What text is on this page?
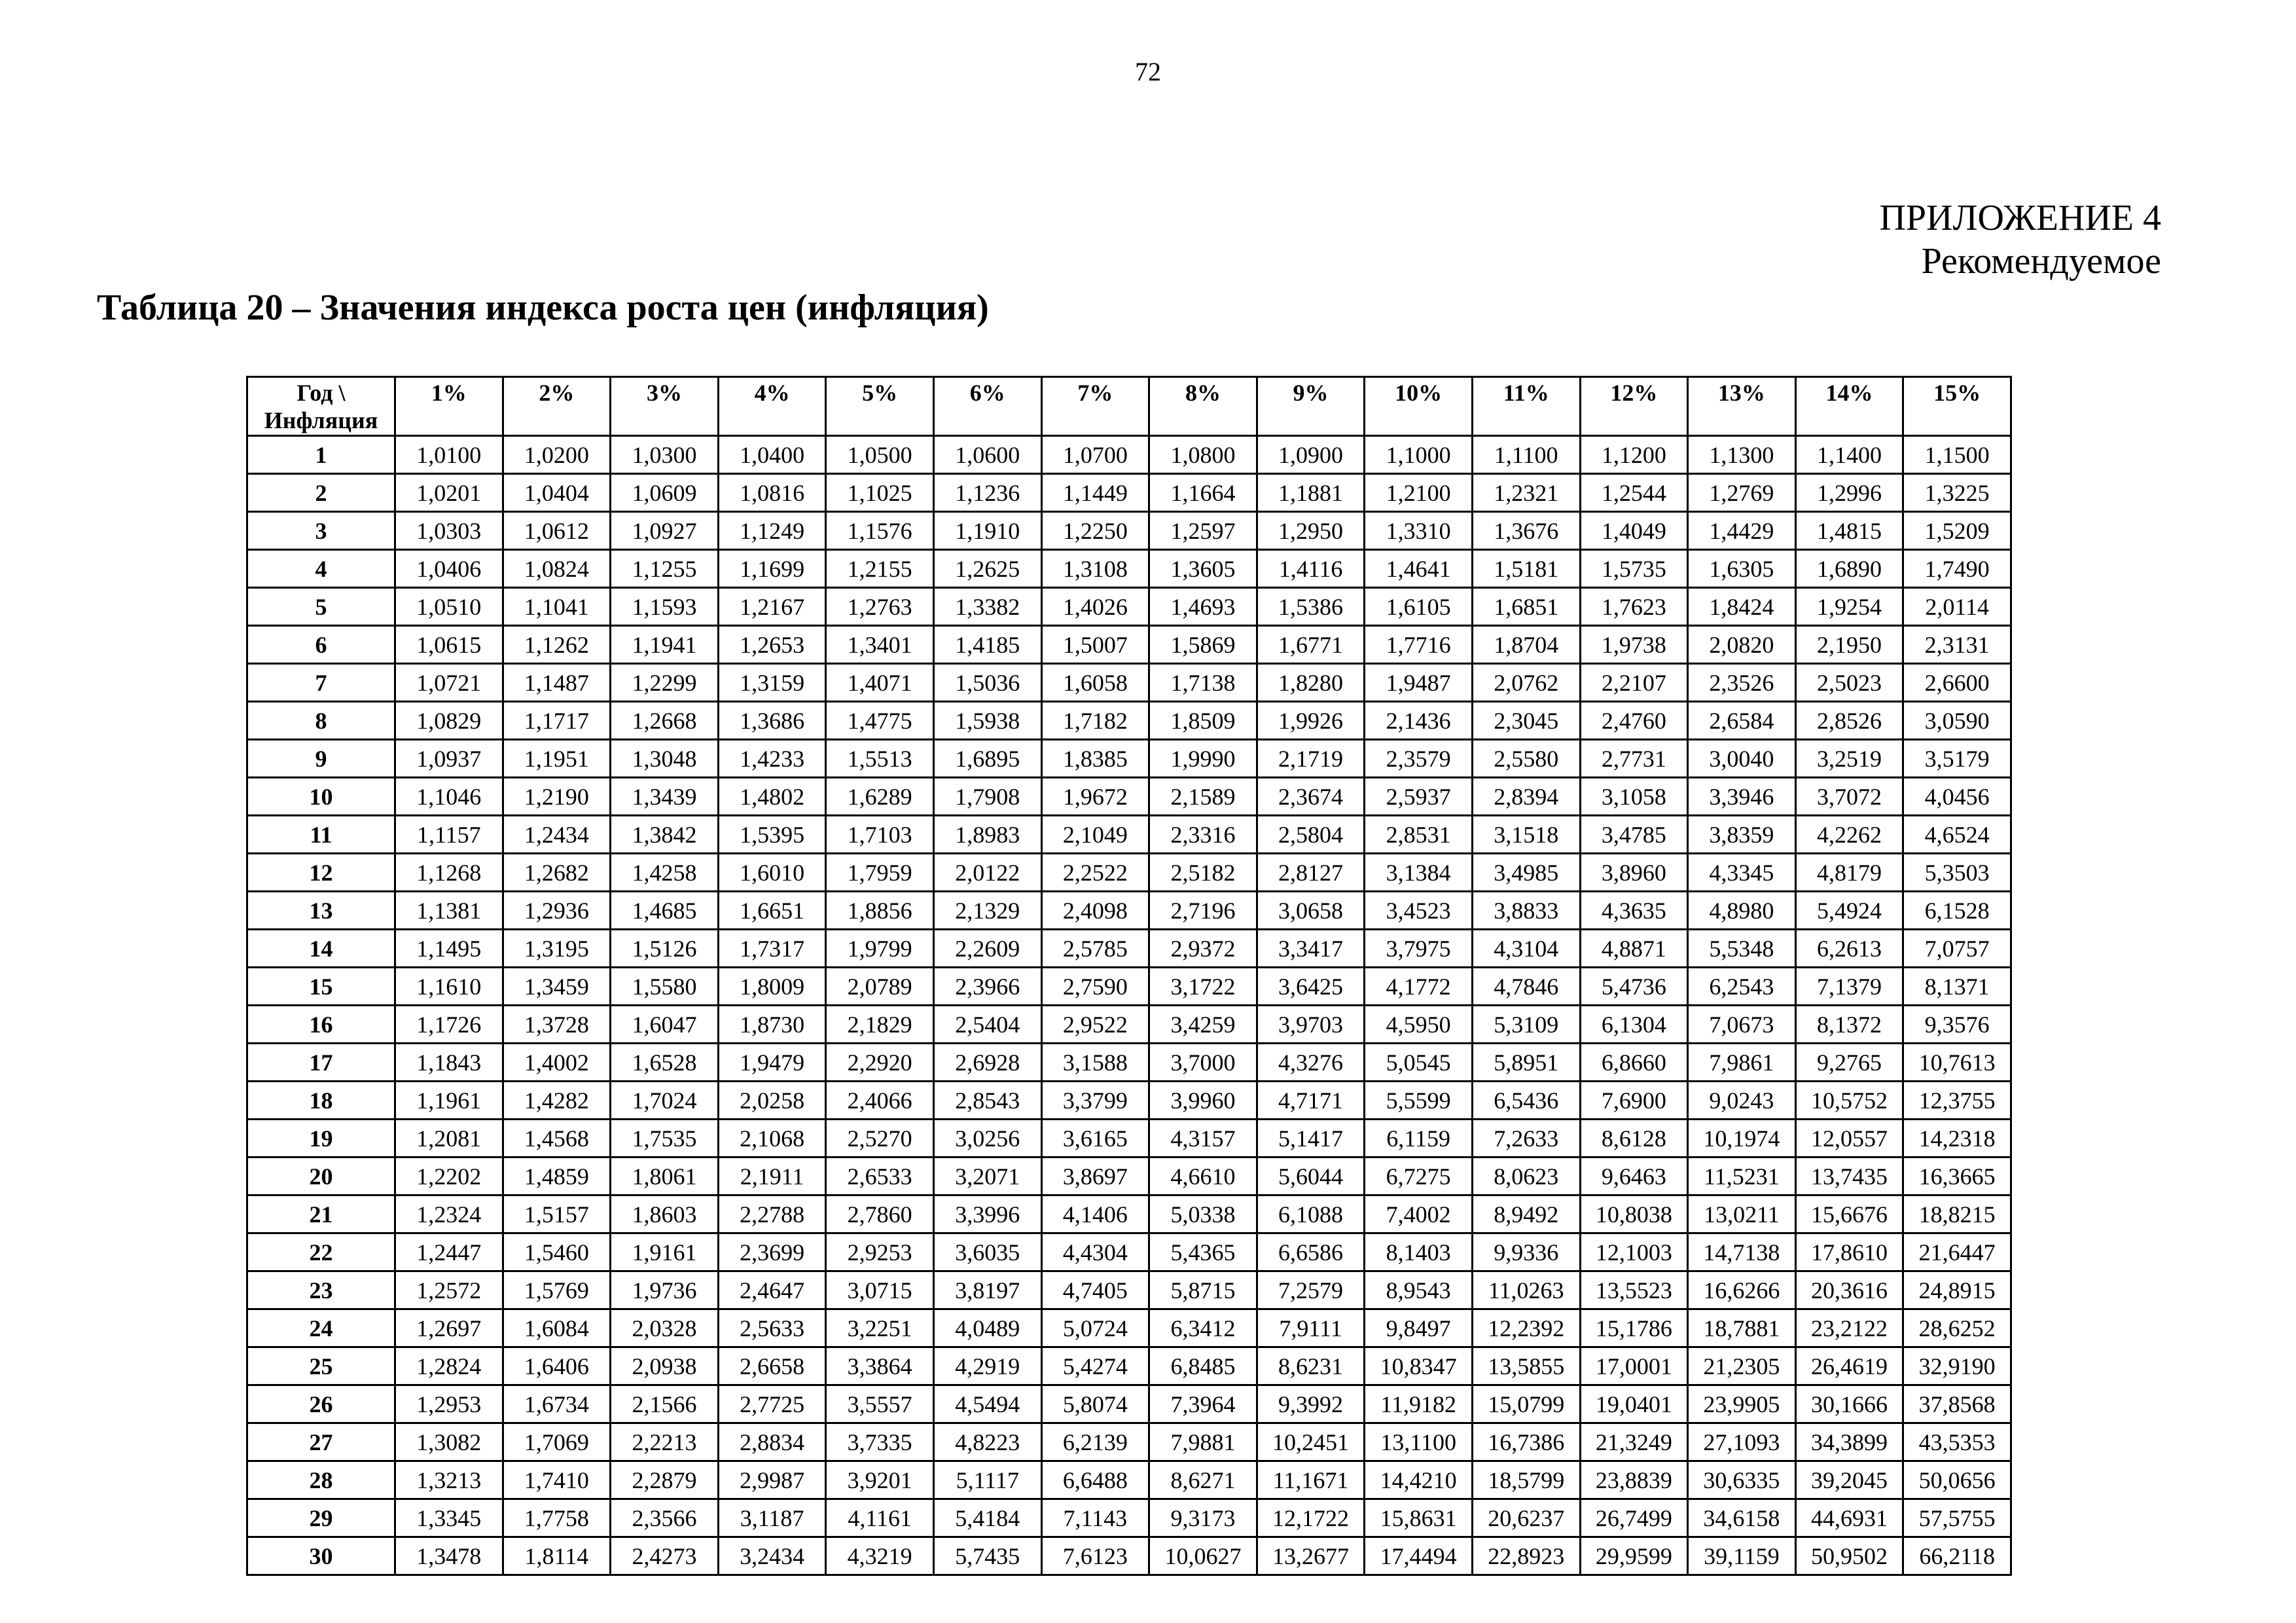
72
ПРИЛОЖЕНИЕ 4
Рекомендуемое
Таблица 20 – Значения индекса роста цен (инфляция)
Год \
Инфляция	1%	2%	3%	4%	5%	6%	7%	8%	9%	10%	11%	12%	13%	14%	15%
1	1,0100	1,0200	1,0300	1,0400	1,0500	1,0600	1,0700	1,0800	1,0900	1,1000	1,1100	1,1200	1,1300	1,1400	1,1500
2	1,0201	1,0404	1,0609	1,0816	1,1025	1,1236	1,1449	1,1664	1,1881	1,2100	1,2321	1,2544	1,2769	1,2996	1,3225
3	1,0303	1,0612	1,0927	1,1249	1,1576	1,1910	1,2250	1,2597	1,2950	1,3310	1,3676	1,4049	1,4429	1,4815	1,5209
4	1,0406	1,0824	1,1255	1,1699	1,2155	1,2625	1,3108	1,3605	1,4116	1,4641	1,5181	1,5735	1,6305	1,6890	1,7490
5	1,0510	1,1041	1,1593	1,2167	1,2763	1,3382	1,4026	1,4693	1,5386	1,6105	1,6851	1,7623	1,8424	1,9254	2,0114
6	1,0615	1,1262	1,1941	1,2653	1,3401	1,4185	1,5007	1,5869	1,6771	1,7716	1,8704	1,9738	2,0820	2,1950	2,3131
7	1,0721	1,1487	1,2299	1,3159	1,4071	1,5036	1,6058	1,7138	1,8280	1,9487	2,0762	2,2107	2,3526	2,5023	2,6600
8	1,0829	1,1717	1,2668	1,3686	1,4775	1,5938	1,7182	1,8509	1,9926	2,1436	2,3045	2,4760	2,6584	2,8526	3,0590
9	1,0937	1,1951	1,3048	1,4233	1,5513	1,6895	1,8385	1,9990	2,1719	2,3579	2,5580	2,7731	3,0040	3,2519	3,5179
10	1,1046	1,2190	1,3439	1,4802	1,6289	1,7908	1,9672	2,1589	2,3674	2,5937	2,8394	3,1058	3,3946	3,7072	4,0456
11	1,1157	1,2434	1,3842	1,5395	1,7103	1,8983	2,1049	2,3316	2,5804	2,8531	3,1518	3,4785	3,8359	4,2262	4,6524
12	1,1268	1,2682	1,4258	1,6010	1,7959	2,0122	2,2522	2,5182	2,8127	3,1384	3,4985	3,8960	4,3345	4,8179	5,3503
13	1,1381	1,2936	1,4685	1,6651	1,8856	2,1329	2,4098	2,7196	3,0658	3,4523	3,8833	4,3635	4,8980	5,4924	6,1528
14	1,1495	1,3195	1,5126	1,7317	1,9799	2,2609	2,5785	2,9372	3,3417	3,7975	4,3104	4,8871	5,5348	6,2613	7,0757
15	1,1610	1,3459	1,5580	1,8009	2,0789	2,3966	2,7590	3,1722	3,6425	4,1772	4,7846	5,4736	6,2543	7,1379	8,1371
16	1,1726	1,3728	1,6047	1,8730	2,1829	2,5404	2,9522	3,4259	3,9703	4,5950	5,3109	6,1304	7,0673	8,1372	9,3576
17	1,1843	1,4002	1,6528	1,9479	2,2920	2,6928	3,1588	3,7000	4,3276	5,0545	5,8951	6,8660	7,9861	9,2765	10,7613
18	1,1961	1,4282	1,7024	2,0258	2,4066	2,8543	3,3799	3,9960	4,7171	5,5599	6,5436	7,6900	9,0243	10,5752	12,3755
19	1,2081	1,4568	1,7535	2,1068	2,5270	3,0256	3,6165	4,3157	5,1417	6,1159	7,2633	8,6128	10,1974	12,0557	14,2318
20	1,2202	1,4859	1,8061	2,1911	2,6533	3,2071	3,8697	4,6610	5,6044	6,7275	8,0623	9,6463	11,5231	13,7435	16,3665
21	1,2324	1,5157	1,8603	2,2788	2,7860	3,3996	4,1406	5,0338	6,1088	7,4002	8,9492	10,8038	13,0211	15,6676	18,8215
22	1,2447	1,5460	1,9161	2,3699	2,9253	3,6035	4,4304	5,4365	6,6586	8,1403	9,9336	12,1003	14,7138	17,8610	21,6447
23	1,2572	1,5769	1,9736	2,4647	3,0715	3,8197	4,7405	5,8715	7,2579	8,9543	11,0263	13,5523	16,6266	20,3616	24,8915
24	1,2697	1,6084	2,0328	2,5633	3,2251	4,0489	5,0724	6,3412	7,9111	9,8497	12,2392	15,1786	18,7881	23,2122	28,6252
25	1,2824	1,6406	2,0938	2,6658	3,3864	4,2919	5,4274	6,8485	8,6231	10,8347	13,5855	17,0001	21,2305	26,4619	32,9190
26	1,2953	1,6734	2,1566	2,7725	3,5557	4,5494	5,8074	7,3964	9,3992	11,9182	15,0799	19,0401	23,9905	30,1666	37,8568
27	1,3082	1,7069	2,2213	2,8834	3,7335	4,8223	6,2139	7,9881	10,2451	13,1100	16,7386	21,3249	27,1093	34,3899	43,5353
28	1,3213	1,7410	2,2879	2,9987	3,9201	5,1117	6,6488	8,6271	11,1671	14,4210	18,5799	23,8839	30,6335	39,2045	50,0656
29	1,3345	1,7758	2,3566	3,1187	4,1161	5,4184	7,1143	9,3173	12,1722	15,8631	20,6237	26,7499	34,6158	44,6931	57,5755
30	1,3478	1,8114	2,4273	3,2434	4,3219	5,7435	7,6123	10,0627	13,2677	17,4494	22,8923	29,9599	39,1159	50,9502	66,2118
